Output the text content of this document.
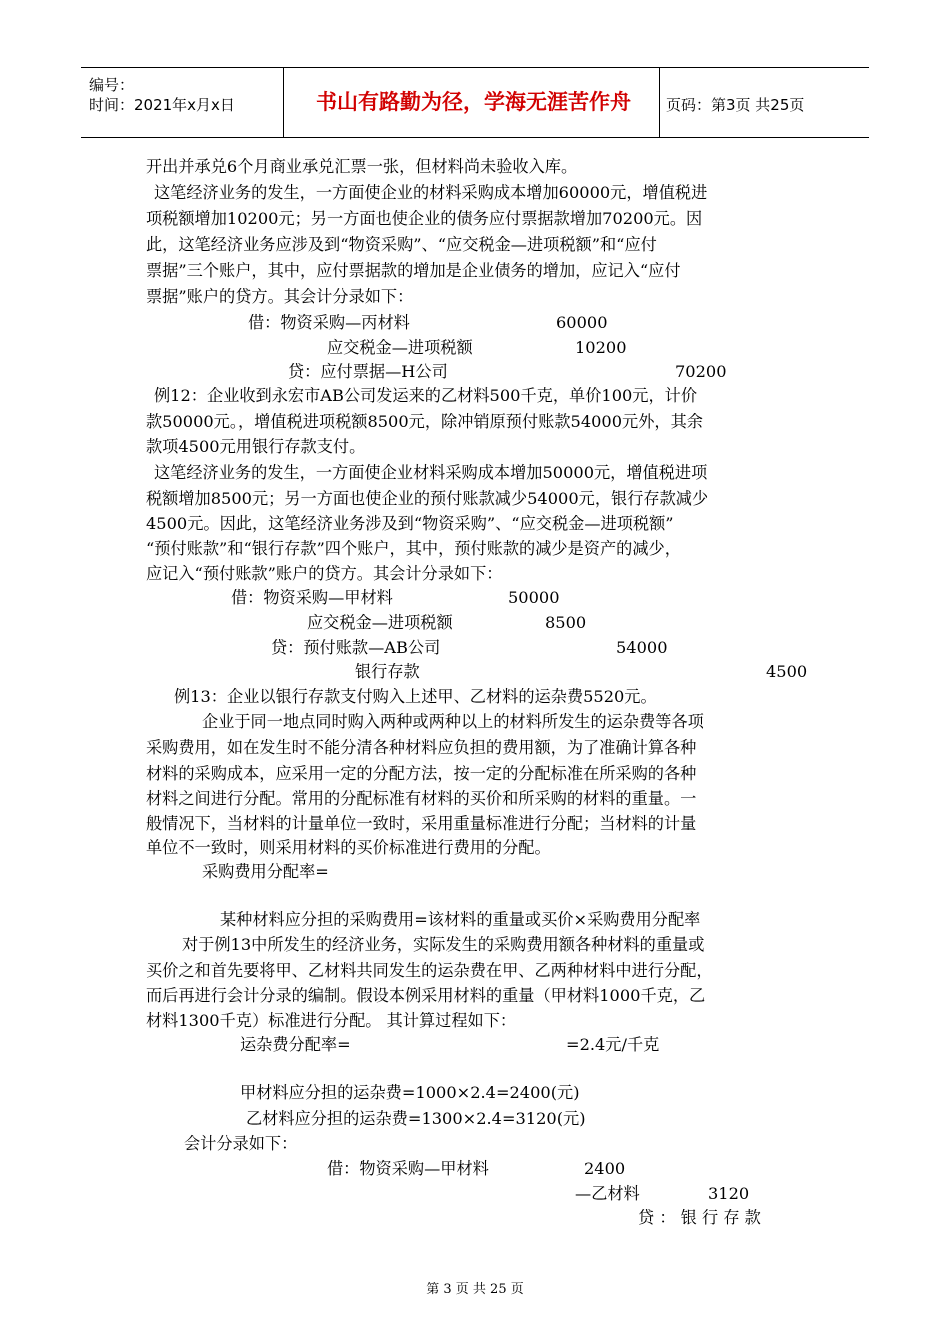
编号：
时间：2021年x月x日	书山有路勤为径，学海无涯苦作舟	页码：第3页 共25页
开出并承兑6个月商业承兑汇票一张，但材料尚未验收入库。
这笔经济业务的发生，一方面使企业的材料采购成本增加60000元，增值税进
项税额增加10200元；另一方面也使企业的债务应付票据款增加70200元。因
此，这笔经济业务应涉及到“物资采购”、“应交税金—进项税额”和“应付
票据”三个账户，其中，应付票据款的增加是企业债务的增加，应记入“应付
票据”账户的贷方。其会计分录如下：
借：物资采购—丙材料	60000
应交税金—进项税额	10200
贷：应付票据—H公司	70200
例12：企业收到永宏市AB公司发运来的乙材料500千克，单价100元，计价
款50000元。，增值税进项税额8500元，除冲销原预付账款54000元外，其余
款项4500元用银行存款支付。
这笔经济业务的发生，一方面使企业材料采购成本增加50000元，增值税进项
税额增加8500元；另一方面也使企业的预付账款减少54000元，银行存款减少
4500元。因此，这笔经济业务涉及到“物资采购”、“应交税金—进项税额”
“预付账款”和“银行存款”四个账户，其中，预付账款的减少是资产的减少，
应记入“预付账款”账户的贷方。其会计分录如下：
借：物资采购—甲材料	50000
应交税金—进项税额	8500
贷：预付账款—AB公司	54000
银行存款	4500
例13：企业以银行存款支付购入上述甲、乙材料的运杂费5520元。
企业于同一地点同时购入两种或两种以上的材料所发生的运杂费等各项
采购费用，如在发生时不能分清各种材料应负担的费用额，为了准确计算各种
材料的采购成本，应采用一定的分配方法，按一定的分配标准在所采购的各种
材料之间进行分配。常用的分配标准有材料的买价和所采购的材料的重量。一
般情况下，当材料的计量单位一致时，采用重量标准进行分配；当材料的计量
单位不一致时，则采用材料的买价标准进行费用的分配。
采购费用分配率=
某种材料应分担的采购费用=该材料的重量或买价×采购费用分配率
对于例13中所发生的经济业务，实际发生的采购费用额各种材料的重量或
买价之和首先要将甲、乙材料共同发生的运杂费在甲、乙两种材料中进行分配，
而后再进行会计分录的编制。假设本例采用材料的重量（甲材料1000千克，乙
材料1300千克）标准进行分配。 其计算过程如下：
运杂费分配率=	=2.4元/千克
甲材料应分担的运杂费=1000×2.4=2400(元)
乙材料应分担的运杂费=1300×2.4=3120(元)
会计分录如下：
借：物资采购—甲材料	2400
—乙材料	3120
贷 ： 银 行 存 款
第 3 页 共 25 页
